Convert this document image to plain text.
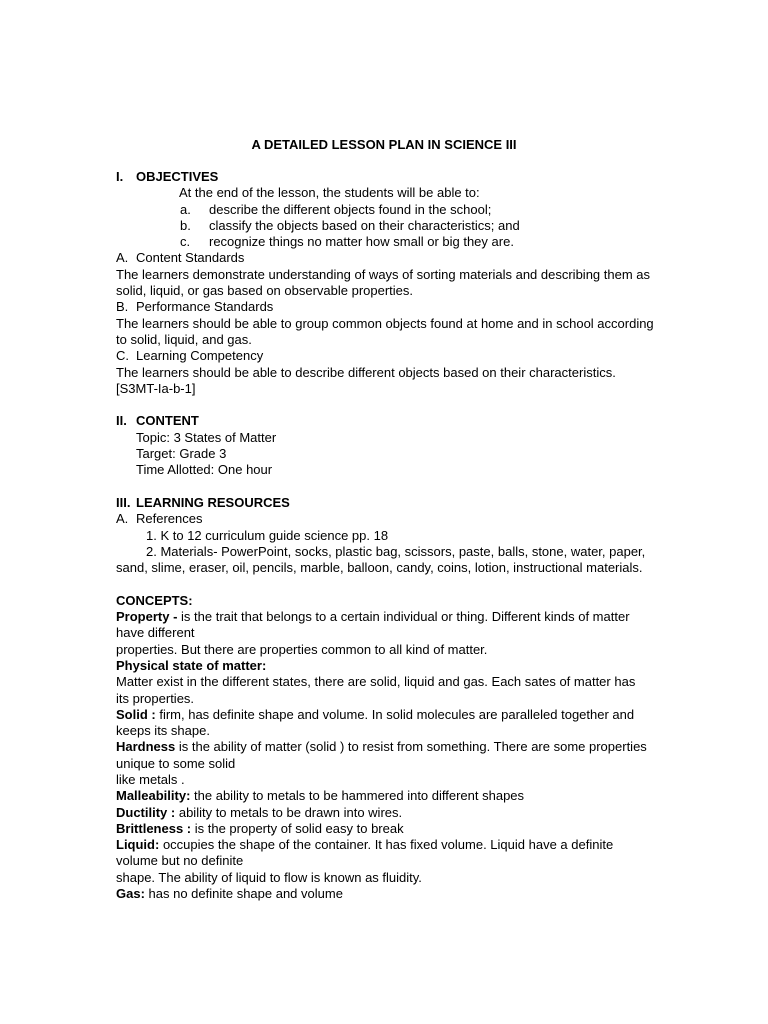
A DETAILED LESSON PLAN IN SCIENCE III
I. OBJECTIVES
At the end of the lesson, the students will be able to:
a.	describe the different objects found in the school;
b.	classify the objects based on their characteristics; and
c.	recognize things no matter how small or big they are.
A. Content Standards
The learners demonstrate understanding of ways of sorting materials and describing them as
solid, liquid, or gas based on observable properties.
B. Performance Standards
The learners should be able to group common objects found at home and in school according
to solid, liquid, and gas.
C. Learning Competency
The learners should be able to describe different objects based on their characteristics.
[S3MT-Ia-b-1]
II. CONTENT
Topic: 3 States of Matter
Target: Grade 3
Time Allotted: One hour
III. LEARNING RESOURCES
A. References
1. K to 12 curriculum guide science pp. 18
2. Materials- PowerPoint, socks, plastic bag, scissors, paste, balls, stone, water, paper,
sand, slime, eraser, oil, pencils, marble, balloon, candy, coins, lotion, instructional materials.
CONCEPTS:
Property - is the trait that belongs to a certain individual or thing. Different kinds of matter
have different
properties. But there are properties common to all kind of matter.
Physical state of matter:
Matter exist in the different states, there are solid, liquid and gas. Each sates of matter has
its properties.
Solid : firm, has definite shape and volume. In solid molecules are paralleled together and
keeps its shape.
Hardness is the ability of matter (solid ) to resist from something. There are some properties
unique to some solid
like metals .
Malleability: the ability to metals to be hammered into different shapes
Ductility : ability to metals to be drawn into wires.
Brittleness : is the property of solid easy to break
Liquid: occupies the shape of the container. It has fixed volume. Liquid have a definite
volume but no definite
shape. The ability of liquid to flow is known as fluidity.
Gas: has no definite shape and volume
